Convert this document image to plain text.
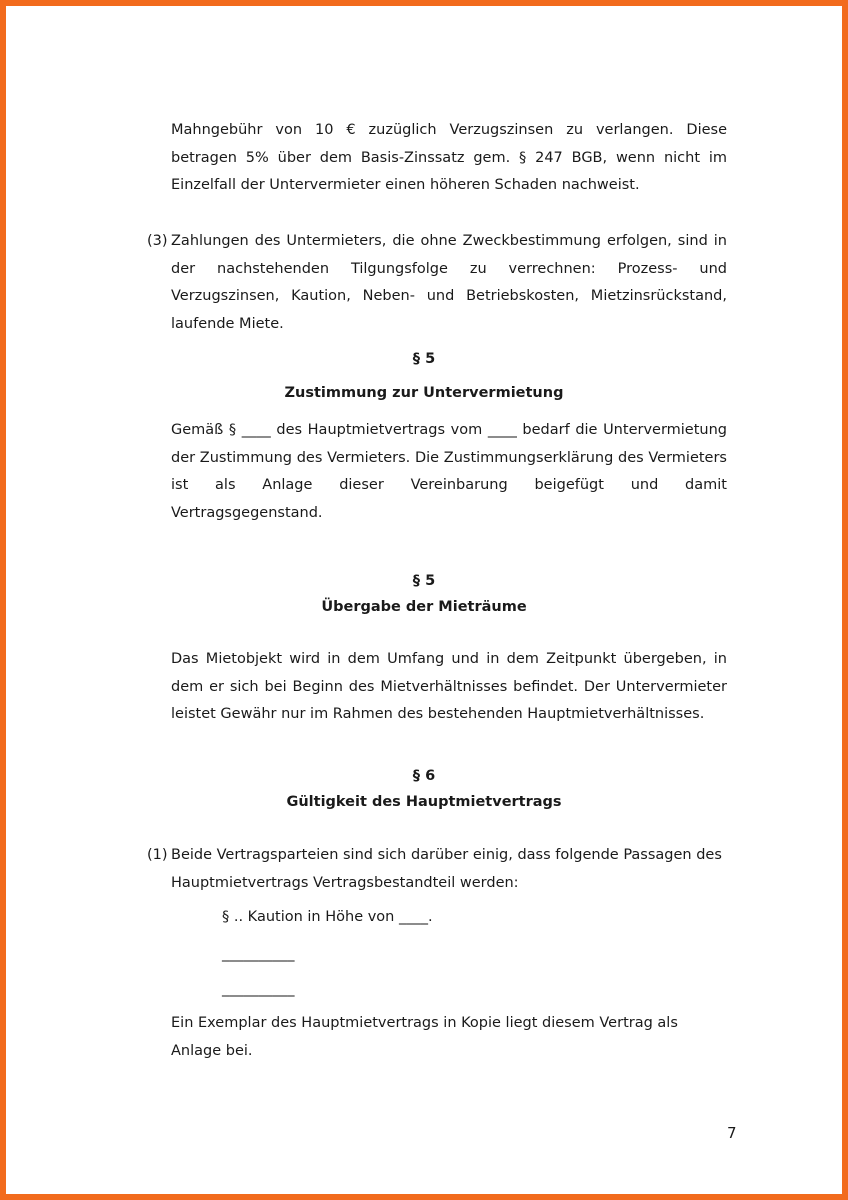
Mahngebühr von 10 € zuzüglich Verzugszinsen zu verlangen. Diese betragen 5% über dem Basis-Zinssatz gem. § 247 BGB, wenn nicht im Einzelfall der Untervermieter einen höheren Schaden nachweist.

(3) Zahlungen des Untermieters, die ohne Zweckbestimmung erfolgen, sind in der nachstehenden Tilgungsfolge zu verrechnen: Prozess- und Verzugszinsen, Kaution, Neben- und Betriebskosten, Mietzinsrückstand, laufende Miete.

§ 5
Zustimmung zur Untervermietung

Gemäß § ____ des Hauptmietvertrags vom ____ bedarf die Untervermietung der Zustimmung des Vermieters. Die Zustimmungserklärung des Vermieters ist als Anlage dieser Vereinbarung beigefügt und damit Vertragsgegenstand.

§ 5
Übergabe der Mieträume

Das Mietobjekt wird in dem Umfang und in dem Zeitpunkt übergeben, in dem er sich bei Beginn des Mietverhältnisses befindet. Der Untervermieter leistet Gewähr nur im Rahmen des bestehenden Hauptmietverhältnisses.

§ 6
Gültigkeit des Hauptmietvertrags
(1) Beide Vertragsparteien sind sich darüber einig, dass folgende Passagen des Hauptmietvertrags Vertragsbestandteil werden:

§ .. Kaution in Höhe von ____.
__________
__________

Ein Exemplar des Hauptmietvertrags in Kopie liegt diesem Vertrag als Anlage bei.

7
